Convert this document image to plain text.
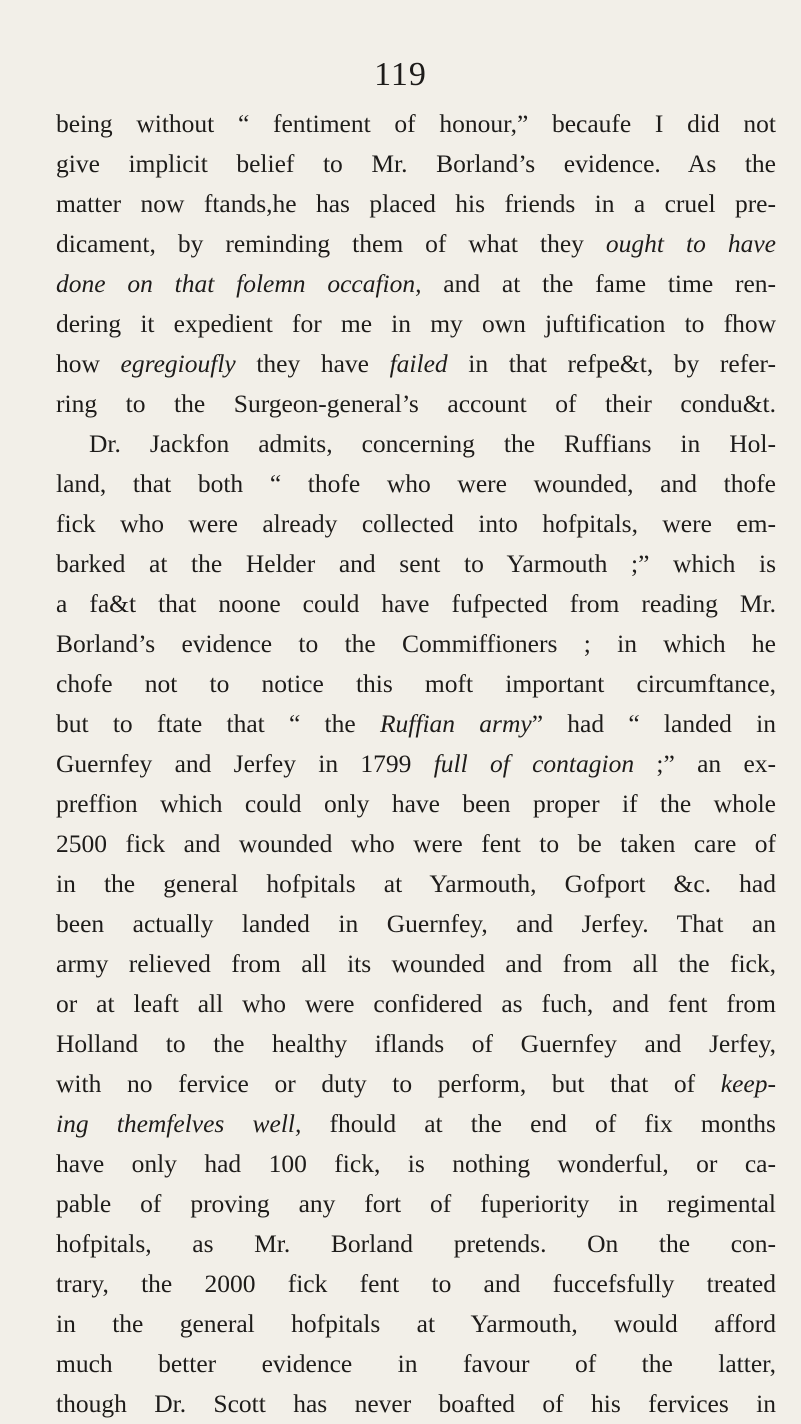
119
being without “ fentiment of honour,” becaufe I did not
give implicit belief to Mr. Borland’s evidence. As the
matter now ftands,he has placed his friends in a cruel pre-
dicament, by reminding them of what they ought to have
done on that folemn occafion, and at the fame time ren-
dering it expedient for me in my own juftification to fhow
how egregioufly they have failed in that refpe&t, by refer-
ring to the Surgeon-general’s account of their condu&t.
Dr. Jackfon admits, concerning the Ruffians in Hol-
land, that both “ thofe who were wounded, and thofe
fick who were already collected into hofpitals, were em-
barked at the Helder and sent to Yarmouth ;” which is
a fa&t that noone could have fufpected from reading Mr.
Borland’s evidence to the Commiffioners ; in which he
chofe not to notice this moft important circumftance,
but to ftate that “ the Ruffian army” had “ landed in
Guernfey and Jerfey in 1799 full of contagion ;” an ex-
preffion which could only have been proper if the whole
2500 fick and wounded who were fent to be taken care of
in the general hofpitals at Yarmouth, Gofport &c. had
been actually landed in Guernfey, and Jerfey. That an
army relieved from all its wounded and from all the fick,
or at leaft all who were confidered as fuch, and fent from
Holland to the healthy iflands of Guernfey and Jerfey,
with no fervice or duty to perform, but that of keep-
ing themfelves well, fhould at the end of fix months
have only had 100 fick, is nothing wonderful, or ca-
pable of proving any fort of fuperiority in regimental
hofpitals, as Mr. Borland pretends. On the con-
trary, the 2000 fick fent to and fuccefsfully treated
in the general hofpitals at Yarmouth, would afford
much better evidence in favour of the latter,
though Dr. Scott has never boafted of his fervices in
